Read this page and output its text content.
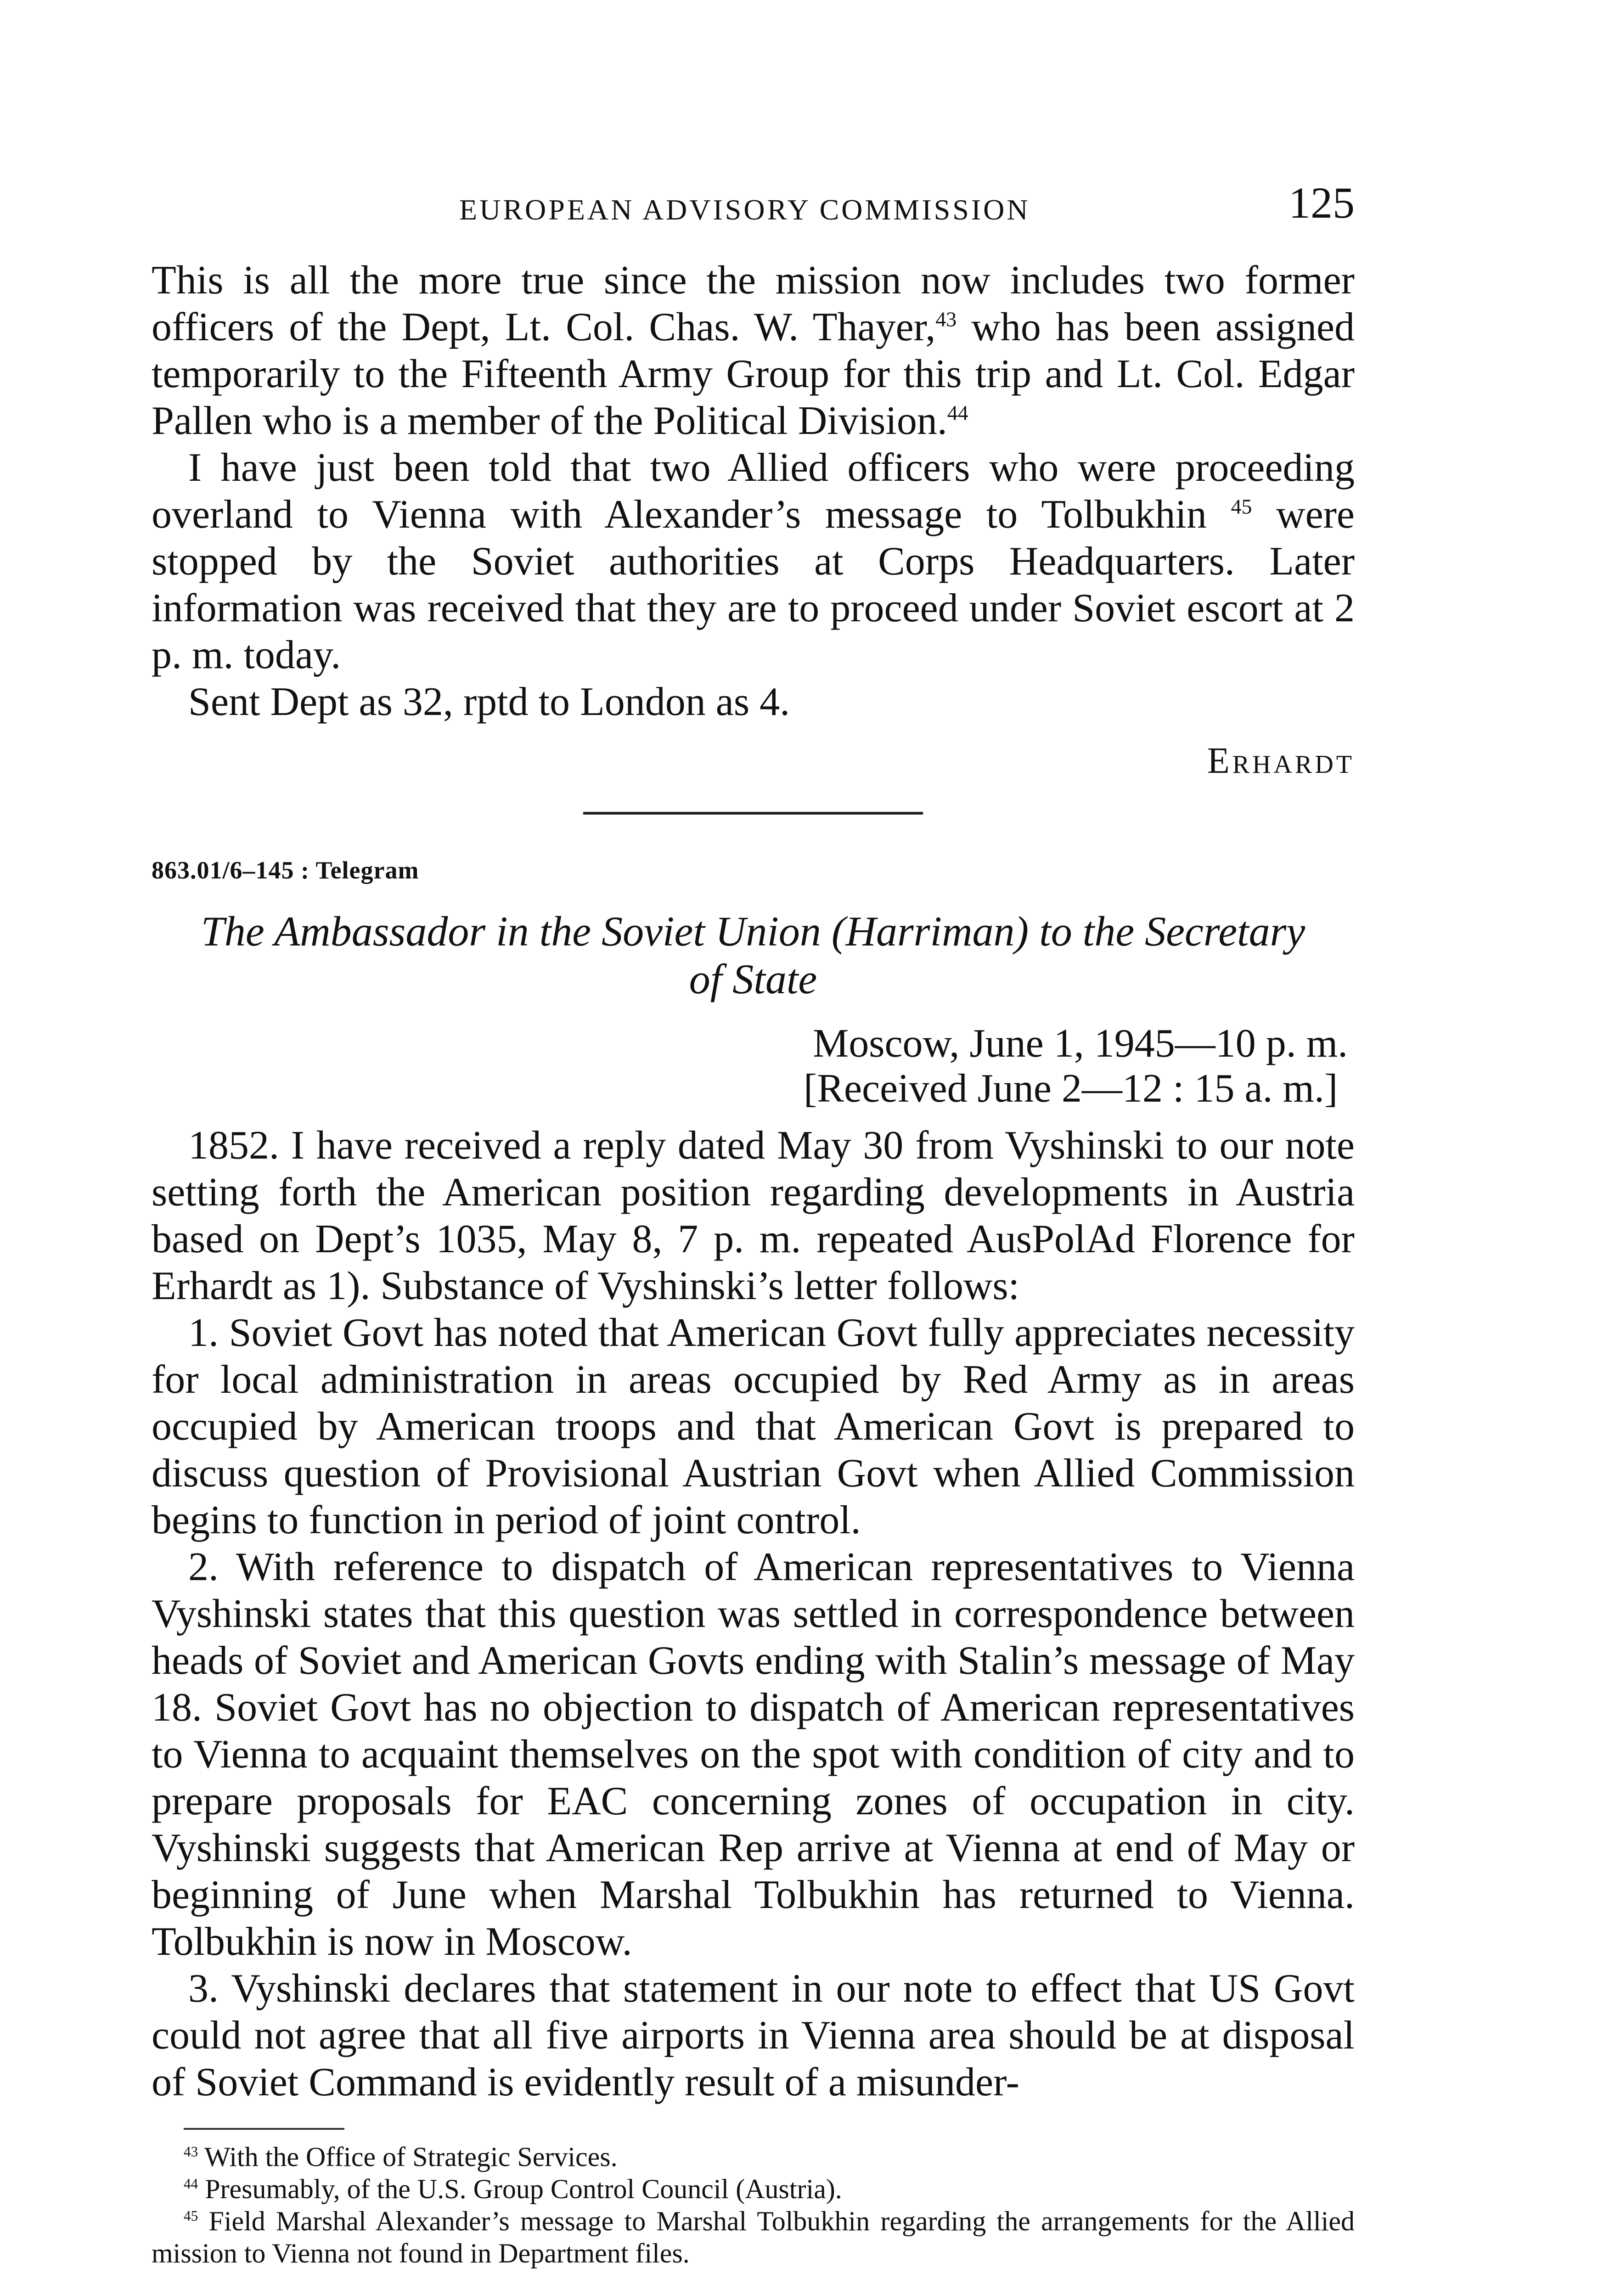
EUROPEAN ADVISORY COMMISSION	125

This is all the more true since the mission now includes two former officers of the Dept, Lt. Col. Chas. W. Thayer,$^{43}$ who has been assigned temporarily to the Fifteenth Army Group for this trip and Lt. Col. Edgar Pallen who is a member of the Political Division.$^{44}$

I have just been told that two Allied officers who were proceeding overland to Vienna with Alexander’s message to Tolbukhin $^{45}$ were stopped by the Soviet authorities at Corps Headquarters. Later information was received that they are to proceed under Soviet escort at 2 p. m. today.

Sent Dept as 32, rptd to London as 4.

Erhardt
863.01/6–145 : Telegram
The Ambassador in the Soviet Union (Harriman) to the Secretary
of State
Moscow, June 1, 1945—10 p. m.
[Received June 2—12 : 15 a. m.]

1852. I have received a reply dated May 30 from Vyshinski to our note setting forth the American position regarding developments in Austria based on Dept’s 1035, May 8, 7 p. m. repeated AusPolAd Florence for Erhardt as 1). Substance of Vyshinski’s letter follows:

1. Soviet Govt has noted that American Govt fully appreciates necessity for local administration in areas occupied by Red Army as in areas occupied by American troops and that American Govt is prepared to discuss question of Provisional Austrian Govt when Allied Commission begins to function in period of joint control.

2. With reference to dispatch of American representatives to Vienna Vyshinski states that this question was settled in correspondence between heads of Soviet and American Govts ending with Stalin’s message of May 18. Soviet Govt has no objection to dispatch of American representatives to Vienna to acquaint themselves on the spot with condition of city and to prepare proposals for EAC concerning zones of occupation in city. Vyshinski suggests that American Rep arrive at Vienna at end of May or beginning of June when Marshal Tolbukhin has returned to Vienna. Tolbukhin is now in Moscow.

3. Vyshinski declares that statement in our note to effect that US Govt could not agree that all five airports in Vienna area should be at disposal of Soviet Command is evidently result of a misunder-

$^{43}$ With the Office of Strategic Services.
$^{44}$ Presumably, of the U.S. Group Control Council (Austria).
$^{45}$ Field Marshal Alexander’s message to Marshal Tolbukhin regarding the arrangements for the Allied mission to Vienna not found in Department files.
